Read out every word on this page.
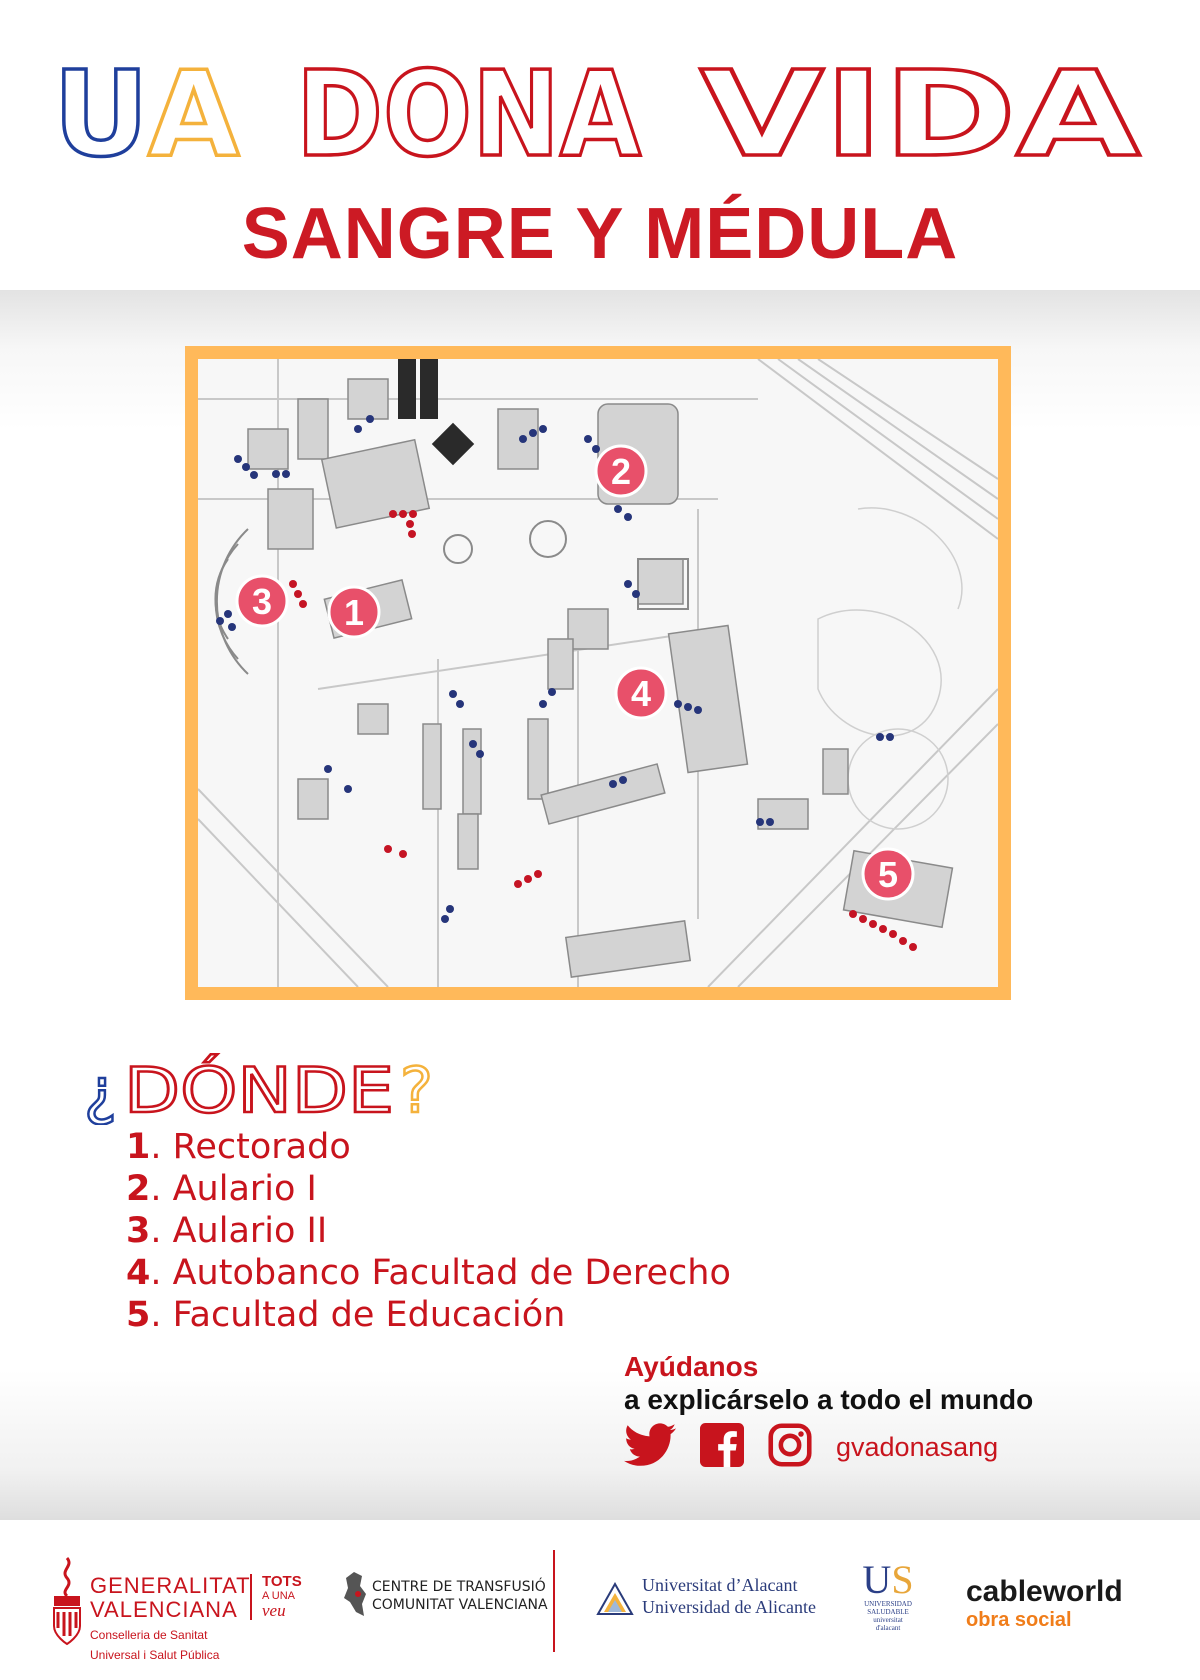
U A DONA VIDA
SANGRE Y MÉDULA
1
2
3
4
5
¿ DÓNDE ?
1. Rectorado
2. Aulario I
3. Aulario II
4. Autobanco Facultad de Derecho
5. Facultad de Educación
Ayúdanos
a explicárselo a todo el mundo
gvadonasang
GENERALITAT
VALENCIANA
Conselleria de Sanitat
Universal i Salut Pública
TOTS
A UNA
veu
CENTRE DE TRANSFUSIÓ
COMUNITAT VALENCIANA
Universitat d’Alacant
Universidad de Alicante
US
UNIVERSIDAD
SALUDABLE
universitat
d'alacant
cableworld
obra social
